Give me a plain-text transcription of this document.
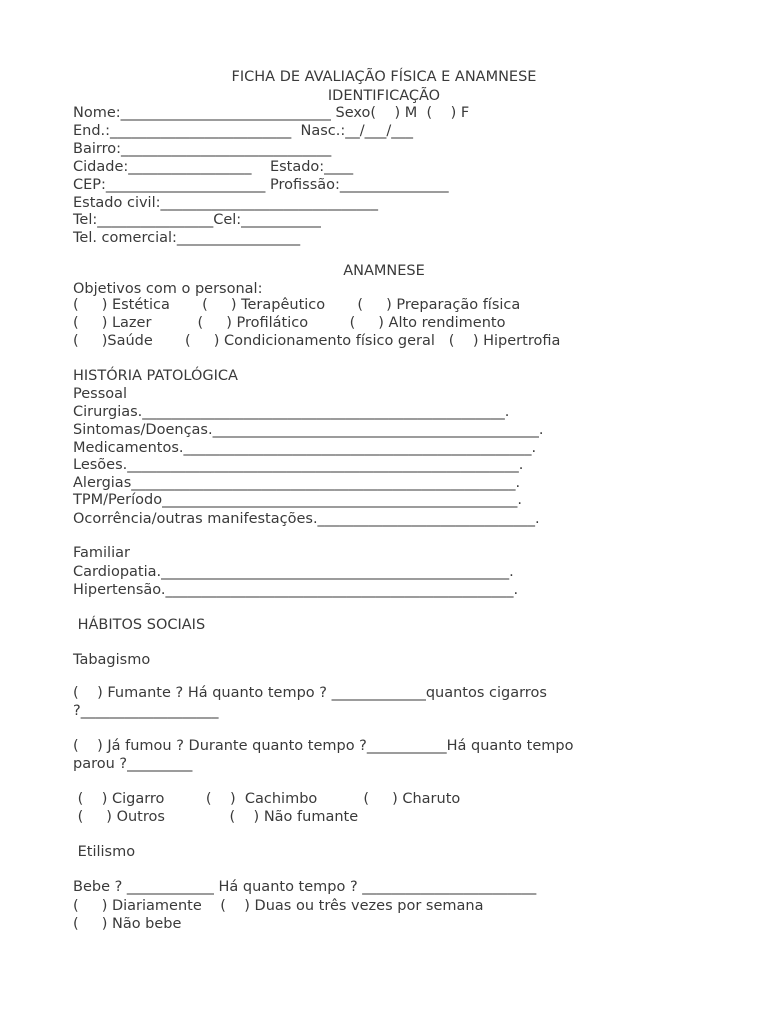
FICHA DE AVALIAÇÃO FÍSICA E ANAMNESE
IDENTIFICAÇÃO
Nome:_____________________________ Sexo(    ) M  (    ) F
End.:_________________________  Nasc.:__/___/___
Bairro:_____________________________
Cidade:_________________    Estado:____
CEP:______________________ Profissão:_______________
Estado civil:______________________________
Tel:________________Cel:___________
Tel. comercial:_________________
ANAMNESE
Objetivos com o personal:
(     ) Estética       (     ) Terapêutico       (     ) Preparação física
(     ) Lazer          (     ) Profilático         (     ) Alto rendimento
(     )Saúde       (     ) Condicionamento físico geral   (    ) Hipertrofia
HISTÓRIA PATOLÓGICA
Pessoal
Cirurgias.__________________________________________________.
Sintomas/Doenças._____________________________________________.
Medicamentos.________________________________________________.
Lesões.______________________________________________________.
Alergias_____________________________________________________.
TPM/Período_________________________________________________.
Ocorrência/outras manifestações.______________________________.
Familiar
Cardiopatia.________________________________________________.
Hipertensão.________________________________________________.
HÁBITOS SOCIAIS
Tabagismo
(    ) Fumante ? Há quanto tempo ? _____________quantos cigarros
?___________________
(    ) Já fumou ? Durante quanto tempo ?___________Há quanto tempo
parou ?_________
(    ) Cigarro         (    )  Cachimbo          (     ) Charuto
(     ) Outros              (    ) Não fumante
Etilismo
Bebe ? ____________ Há quanto tempo ? ________________________
(     ) Diariamente    (    ) Duas ou três vezes por semana
(     ) Não bebe
